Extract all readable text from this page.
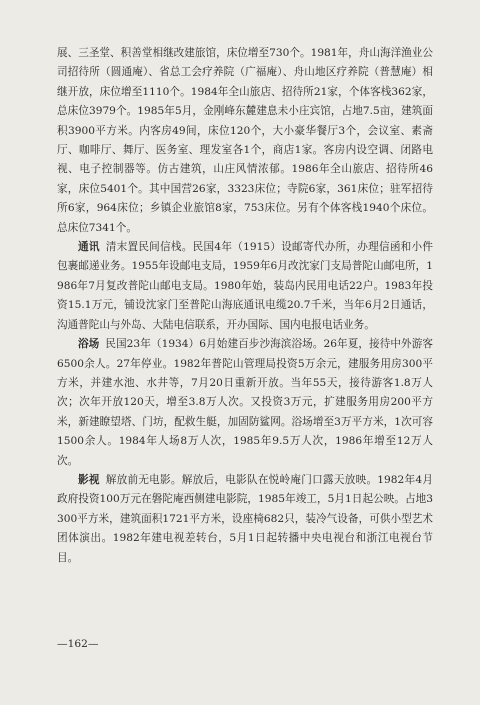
展、三圣堂、积善堂相继改建旅馆，床位增至730个。1981年，舟山海洋渔业公司招待所（圆通庵）、省总工会疗养院（广福庵）、舟山地区疗养院（普慧庵）相继开放，床位增至1110个。1984年全山旅店、招待所21家，个体客栈362家，总床位3979个。1985年5月，金刚峰东麓建息未小庄宾馆，占地7.5亩，建筑面积3900平方米。内客房49间，床位120个，大小豪华餐厅3个，会议室、素斋厅、咖啡厅、舞厅、医务室、理发室各1个，商店1家。客房内设空调、闭路电视、电子控制器等。仿古建筑，山庄风情浓郁。1986年全山旅店、招待所46家，床位5401个。其中国营26家，3323床位；寺院6家，361床位；驻军招待所6家，964床位；乡镇企业旅馆8家，753床位。另有个体客栈1940个床位。总床位7341个。

通讯 清末置民间信栈。民国4年（1915）设邮寄代办所，办理信函和小件包裹邮递业务。1955年设邮电支局，1959年6月改沈家门支局普陀山邮电所，1986年7月复改普陀山邮电支局。1980年始，装岛内民用电话22户。1983年投资15.1万元，铺设沈家门至普陀山海底通讯电缆20.7千米，当年6月2日通话，沟通普陀山与外岛、大陆电信联系，开办国际、国内电报电话业务。

浴场 民国23年（1934）6月始建百步沙海滨浴场。26年夏，接待中外游客6500余人。27年停业。1982年普陀山管理局投资5万余元，建服务用房300平方米，并建水池、水井等，7月20日重新开放。当年55天，接待游客1.8万人次；次年开放120天，增至3.8万人次。又投资3万元，扩建服务用房200平方米，新建瞭望塔、门坊，配救生艇，加固防鲨网。浴场增至3万平方米，1次可容1500余人。1984年人场8万人次，1985年9.5万人次，1986年增至12万人次。

影视 解放前无电影。解放后，电影队在悦岭庵门口露天放映。1982年4月政府投资100万元在磐陀庵西侧建电影院，1985年竣工，5月1日起公映。占地3300平方米，建筑面积1721平方米，设座椅682只，装冷气设备，可供小型艺术团体演出。1982年建电视差转台，5月1日起转播中央电视台和浙江电视台节目。

—162—
